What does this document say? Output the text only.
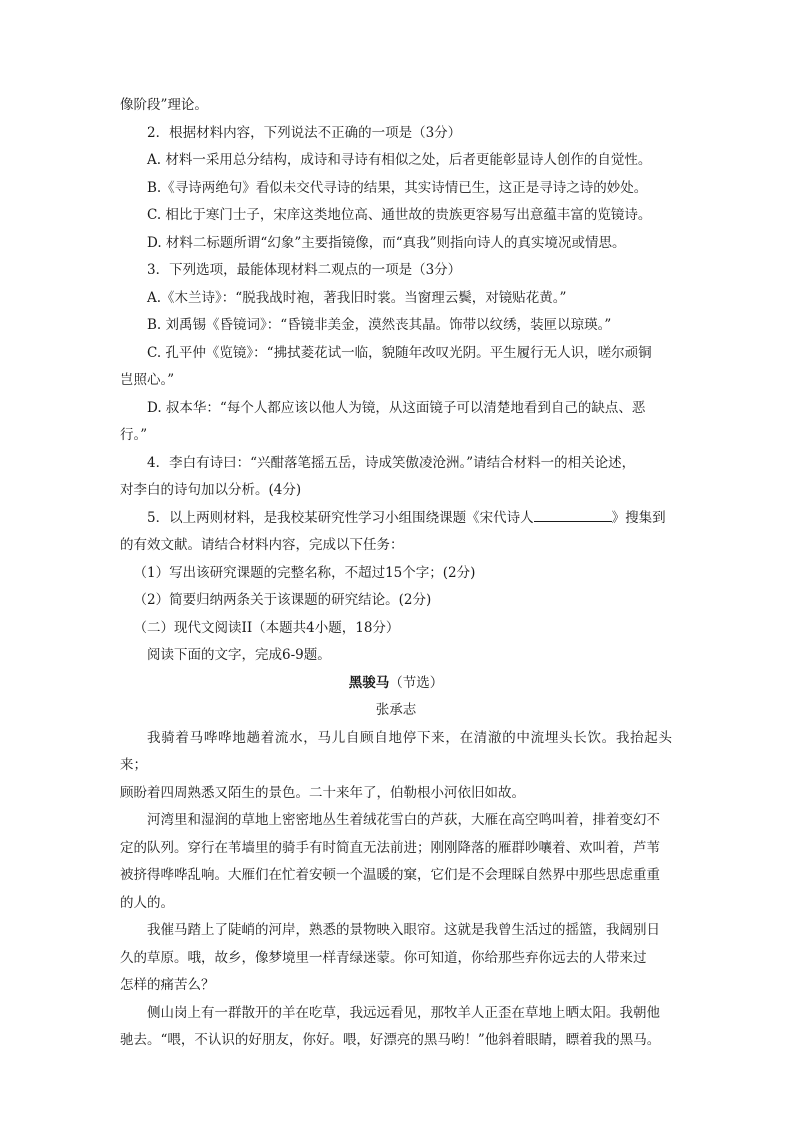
像阶段”理论。

2．根据材料内容，下列说法不正确的一项是（3分）

A. 材料一采用总分结构，成诗和寻诗有相似之处，后者更能彰显诗人创作的自觉性。

B.《寻诗两绝句》看似未交代寻诗的结果，其实诗情已生，这正是寻诗之诗的妙处。

C. 相比于寒门士子，宋庠这类地位高、通世故的贵族更容易写出意蕴丰富的览镜诗。

D. 材料二标题所谓“幻象”主要指镜像，而“真我”则指向诗人的真实境况或情思。

3．下列选项，最能体现材料二观点的一项是（3分）

A.《木兰诗》：“脱我战时袍，著我旧时裳。当窗理云鬓，对镜贴花黄。”

B. 刘禹锡《昏镜词》：“昏镜非美金，漠然丧其晶。饰带以纹绣，装匣以琼瑛。”

C. 孔平仲《览镜》：“拂拭菱花试一临，貌随年改叹光阴。平生履行无人识，嗟尔顽铜

岂照心。”

D. 叔本华：“每个人都应该以他人为镜，从这面镜子可以清楚地看到自己的缺点、恶

行。”

4．李白有诗曰：“兴酣落笔摇五岳，诗成笑傲凌沧洲。”请结合材料一的相关论述，

对李白的诗句加以分析。(4分)

5．以上两则材料，是我校某研究性学习小组围绕课题《宋代诗人	》搜集到

的有效文献。请结合材料内容，完成以下任务：

（1）写出该研究课题的完整名称，不超过15个字；(2分)

（2）简要归纳两条关于该课题的研究结论。(2分)

（二）现代文阅读II（本题共4小题，18分）

阅读下面的文字，完成6-9题。

黑骏马（节选）

张承志

我骑着马哗哗地趟着流水，马儿自顾自地停下来，在清澈的中流埋头长饮。我抬起头来；

顾盼着四周熟悉又陌生的景色。二十来年了，伯勒根小河依旧如故。

河湾里和湿润的草地上密密地丛生着绒花雪白的芦荻，大雁在高空鸣叫着，排着变幻不

定的队列。穿行在苇墙里的骑手有时简直无法前进；刚刚降落的雁群吵嚷着、欢叫着，芦苇

被挤得哗哗乱响。大雁们在忙着安顿一个温暖的窠，它们是不会理睬自然界中那些思虑重重

的人的。

我催马踏上了陡峭的河岸，熟悉的景物映入眼帘。这就是我曾生活过的摇篮，我阔别日

久的草原。哦，故乡，像梦境里一样青绿迷蒙。你可知道，你给那些弃你远去的人带来过

怎样的痛苦么？

侧山岗上有一群散开的羊在吃草，我远远看见，那牧羊人正歪在草地上晒太阳。我朝他

驰去。“喂，不认识的好朋友，你好。喂，好漂亮的黑马哟！”他斜着眼睛，瞟着我的黑马。
